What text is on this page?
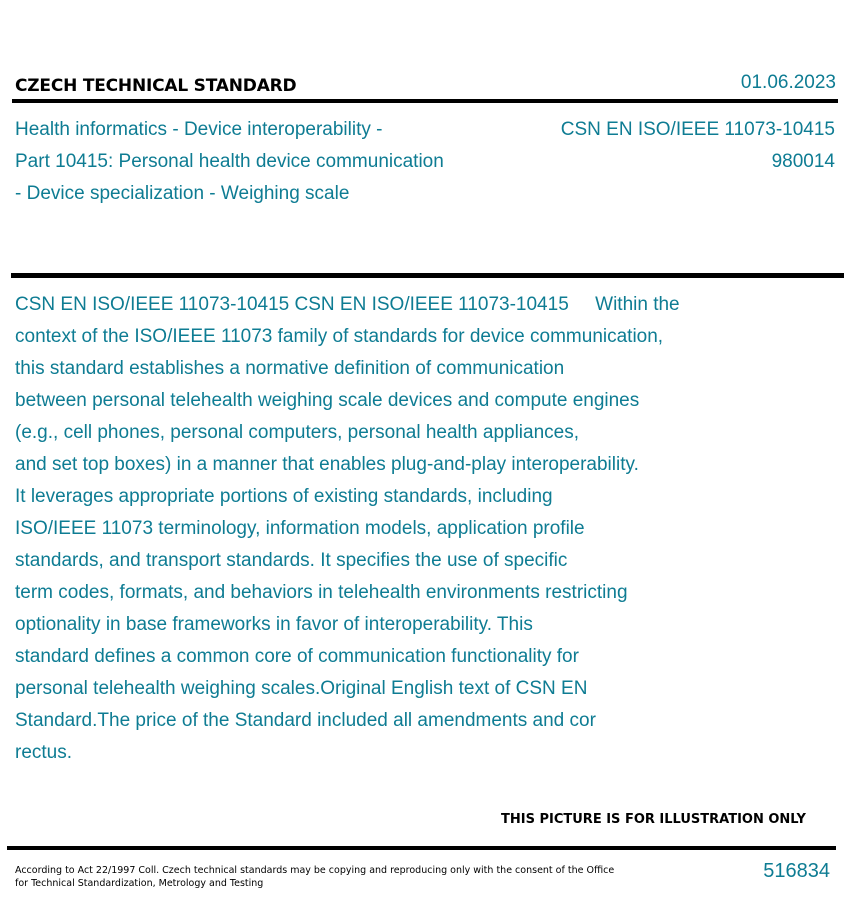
CZECH TECHNICAL STANDARD	01.06.2023
Health informatics - Device interoperability -
Part 10415: Personal health device communication
- Device specialization - Weighing scale
CSN EN ISO/IEEE 11073-10415
980014
CSN EN ISO/IEEE 11073-10415 CSN EN ISO/IEEE 11073-10415     Within the
context of the ISO/IEEE 11073 family of standards for device communication,
this standard establishes a normative definition of communication
between personal telehealth weighing scale devices and compute engines
(e.g., cell phones, personal computers, personal health appliances,
and set top boxes) in a manner that enables plug-and-play interoperability.
It leverages appropriate portions of existing standards, including
ISO/IEEE 11073 terminology, information models, application profile
standards, and transport standards. It specifies the use of specific
term codes, formats, and behaviors in telehealth environments restricting
optionality in base frameworks in favor of interoperability. This
standard defines a common core of communication functionality for
personal telehealth weighing scales.Original English text of CSN EN
Standard.The price of the Standard included all amendments and cor
rectus.
THIS PICTURE IS FOR ILLUSTRATION ONLY
According to Act 22/1997 Coll. Czech technical standards may be copying and reproducing only with the consent of the Office
for Technical Standardization, Metrology and Testing
516834
